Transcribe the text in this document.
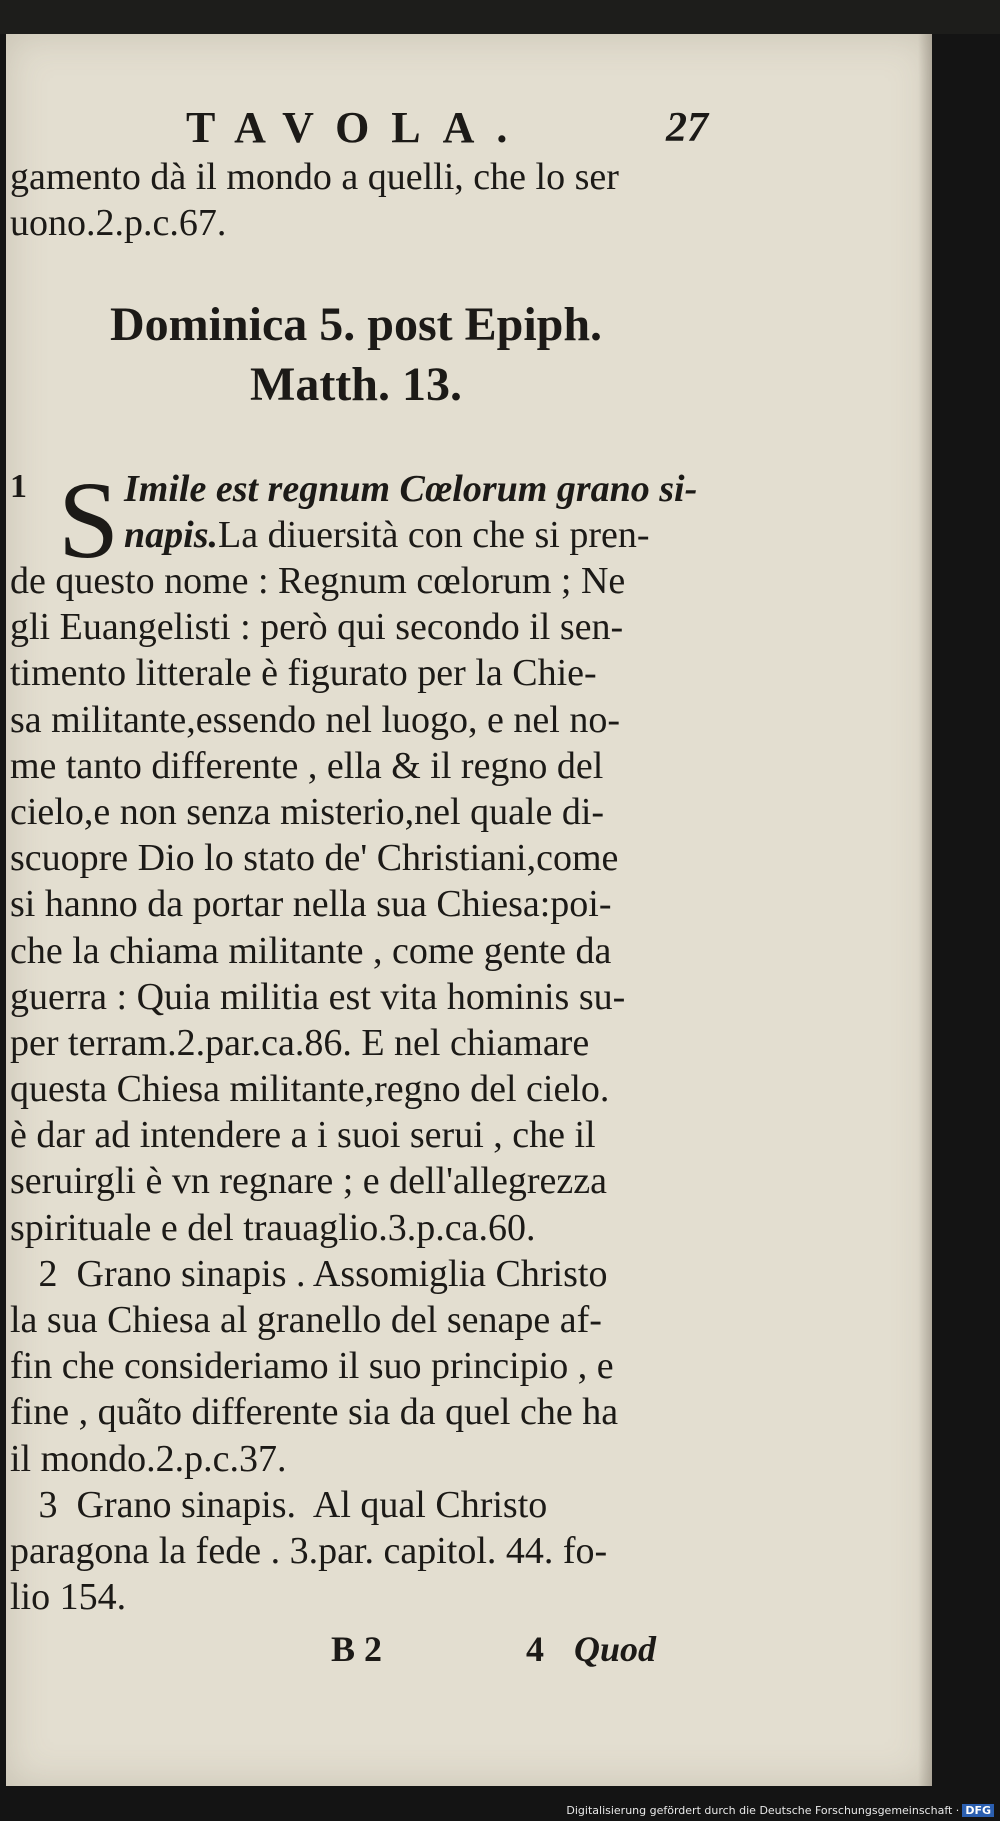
TAVOLA.	27
gamento dà il mondo a quelli, che lo ser
uono.2.p.c.67.
Dominica 5. post Epiph.
Matth. 13.
1 S Imile est regnum Cœlorum grano si-
napis.La diuersità con che si pren-
de questo nome : Regnum cœlorum ; Ne
gli Euangelisti : però qui secondo il sen-
timento litterale è figurato per la Chie-
sa militante,essendo nel luogo, e nel no-
me tanto differente , ella & il regno del
cielo,e non senza misterio,nel quale di-
scuopre Dio lo stato de' Christiani,come
si hanno da portar nella sua Chiesa:poi-
che la chiama militante , come gente da
guerra : Quia militia est vita hominis su-
per terram.2.par.ca.86. E nel chiamare
questa Chiesa militante,regno del cielo.
è dar ad intendere a i suoi serui , che il
seruirgli è vn regnare ; e dell'allegrezza
spirituale e del trauaglio.3.p.ca.60.
2  Grano sinapis . Assomiglia Christo
la sua Chiesa al granello del senape af-
fin che consideriamo il suo principio , e
fine , quãto differente sia da quel che ha
il mondo.2.p.c.37.
3  Grano sinapis.  Al qual Christo
paragona la fede . 3.par. capitol. 44. fo-
lio 154.
B 2	4 Quod
Digitalisierung gefördert durch die Deutsche Forschungsgemeinschaft · DFG
